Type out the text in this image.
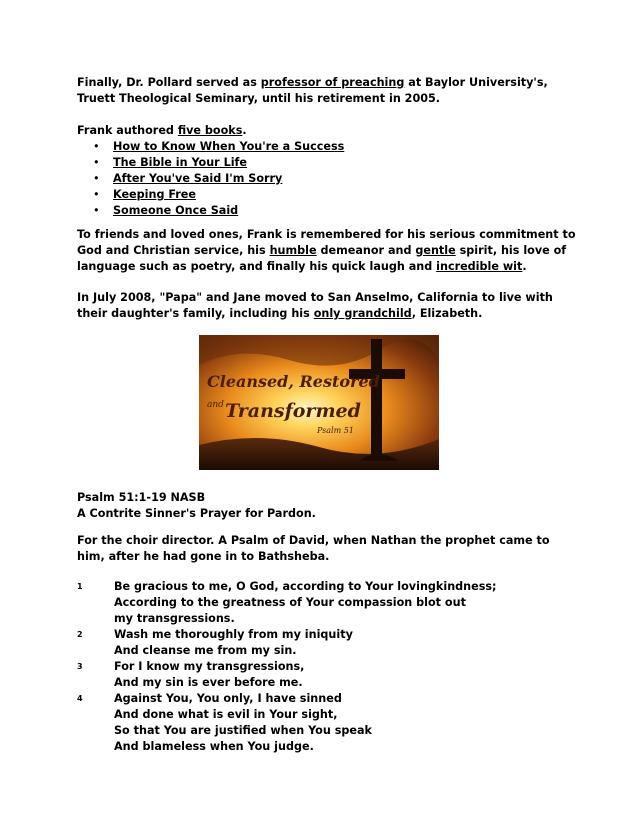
Finally, Dr. Pollard served as professor of preaching at Baylor University's, Truett Theological Seminary, until his retirement in 2005.

Frank authored five books.

• How to Know When You're a Success
• The Bible in Your Life
• After You've Said I'm Sorry
• Keeping Free
• Someone Once Said

To friends and loved ones, Frank is remembered for his serious commitment to God and Christian service, his humble demeanor and gentle spirit, his love of language such as poetry, and finally his quick laugh and incredible wit.

In July 2008, "Papa" and Jane moved to San Anselmo, California to live with their daughter's family, including his only grandchild, Elizabeth.

Cleansed, Restored
and Transformed
Psalm 51

Psalm 51:1-19 NASB

A Contrite Sinner's Prayer for Pardon.

For the choir director. A Psalm of David, when Nathan the prophet came to him, after he had gone in to Bathsheba.

1	Be gracious to me, O God, according to Your lovingkindness;
According to the greatness of Your compassion blot out my transgressions.
2	Wash me thoroughly from my iniquity
And cleanse me from my sin.
3	For I know my transgressions,
And my sin is ever before me.
4	Against You, You only, I have sinned
And done what is evil in Your sight,
So that You are justified when You speak
And blameless when You judge.
